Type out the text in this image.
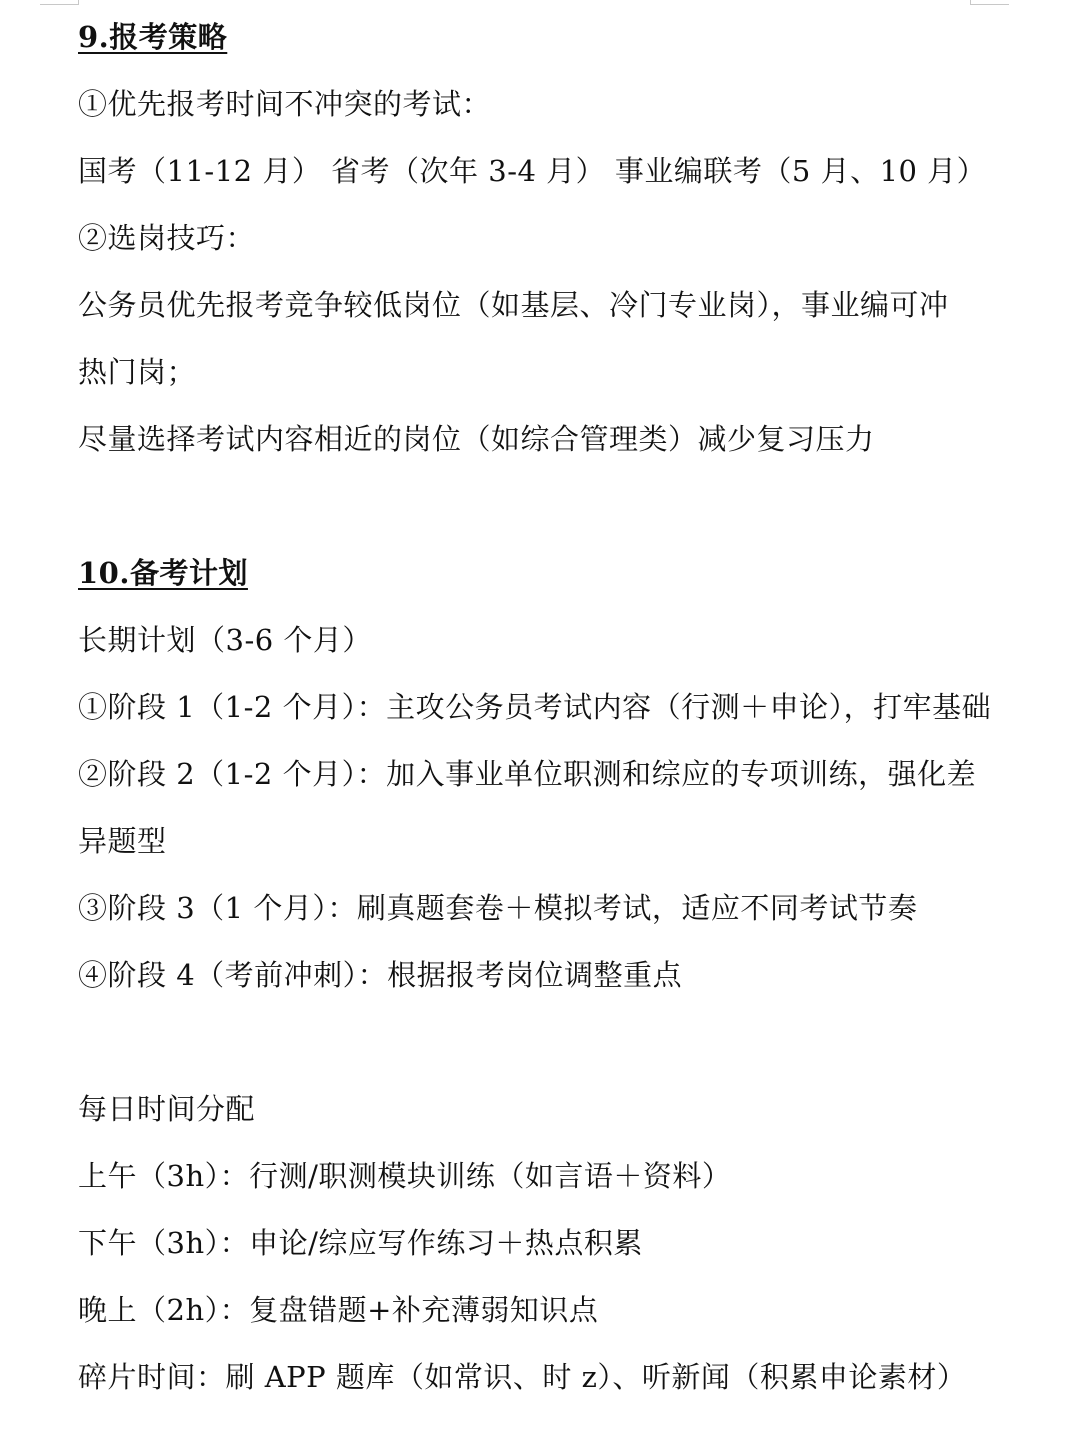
9.报考策略
①优先报考时间不冲突的考试：
国考（11-12 月） 省考（次年 3-4 月） 事业编联考（5 月、10 月）
②选岗技巧：
公务员优先报考竞争较低岗位（如基层、冷门专业岗），事业编可冲
热门岗；
尽量选择考试内容相近的岗位（如综合管理类）减少复习压力
10.备考计划
长期计划（3-6 个月）
①阶段 1（1-2 个月）：主攻公务员考试内容（行测＋申论），打牢基础
②阶段 2（1-2 个月）：加入事业单位职测和综应的专项训练，强化差
异题型
③阶段 3（1 个月）：刷真题套卷＋模拟考试，适应不同考试节奏
④阶段 4（考前冲刺）：根据报考岗位调整重点
每日时间分配
上午（3h）：行测/职测模块训练（如言语＋资料）
下午（3h）：申论/综应写作练习＋热点积累
晚上（2h）：复盘错题+补充薄弱知识点
碎片时间：刷 APP 题库（如常识、时 z）、听新闻（积累申论素材）
